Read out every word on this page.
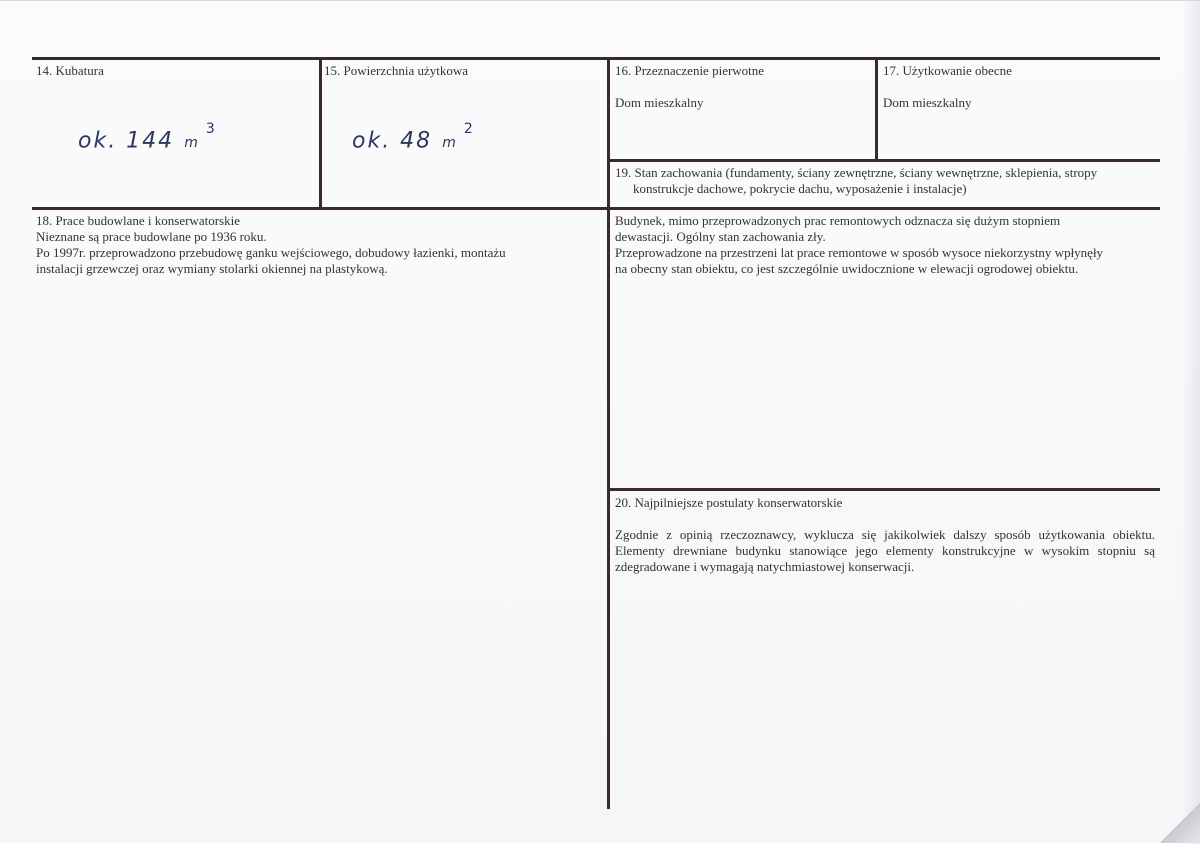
14. Kubatura
ok. 144 $m^3$
15. Powierzchnia użytkowa
ok. 48 $m^2$
16. Przeznaczenie pierwotne
Dom mieszkalny
17. Użytkowanie obecne
Dom mieszkalny
19. Stan zachowania (fundamenty, ściany zewnętrzne, ściany wewnętrzne, sklepienia, stropy
konstrukcje dachowe, pokrycie dachu, wyposażenie i instalacje)
Budynek, mimo przeprowadzonych prac remontowych odznacza się dużym stopniem
dewastacji. Ogólny stan zachowania zły.
Przeprowadzone na przestrzeni lat prace remontowe w sposób wysoce niekorzystny wpłynęły
na obecny stan obiektu, co jest szczególnie uwidocznione w elewacji ogrodowej obiektu.
18. Prace budowlane i konserwatorskie
Nieznane są prace budowlane po 1936 roku.
Po 1997r. przeprowadzono przebudowę ganku wejściowego, dobudowy łazienki, montażu
instalacji grzewczej oraz wymiany stolarki okiennej na plastykową.
20. Najpilniejsze postulaty konserwatorskie
Zgodnie z opinią rzeczoznawcy, wyklucza się jakikolwiek dalszy sposób użytkowania obiektu. Elementy drewniane budynku stanowiące jego elementy konstrukcyjne w wysokim stopniu są zdegradowane i wymagają natychmiastowej konserwacji.
